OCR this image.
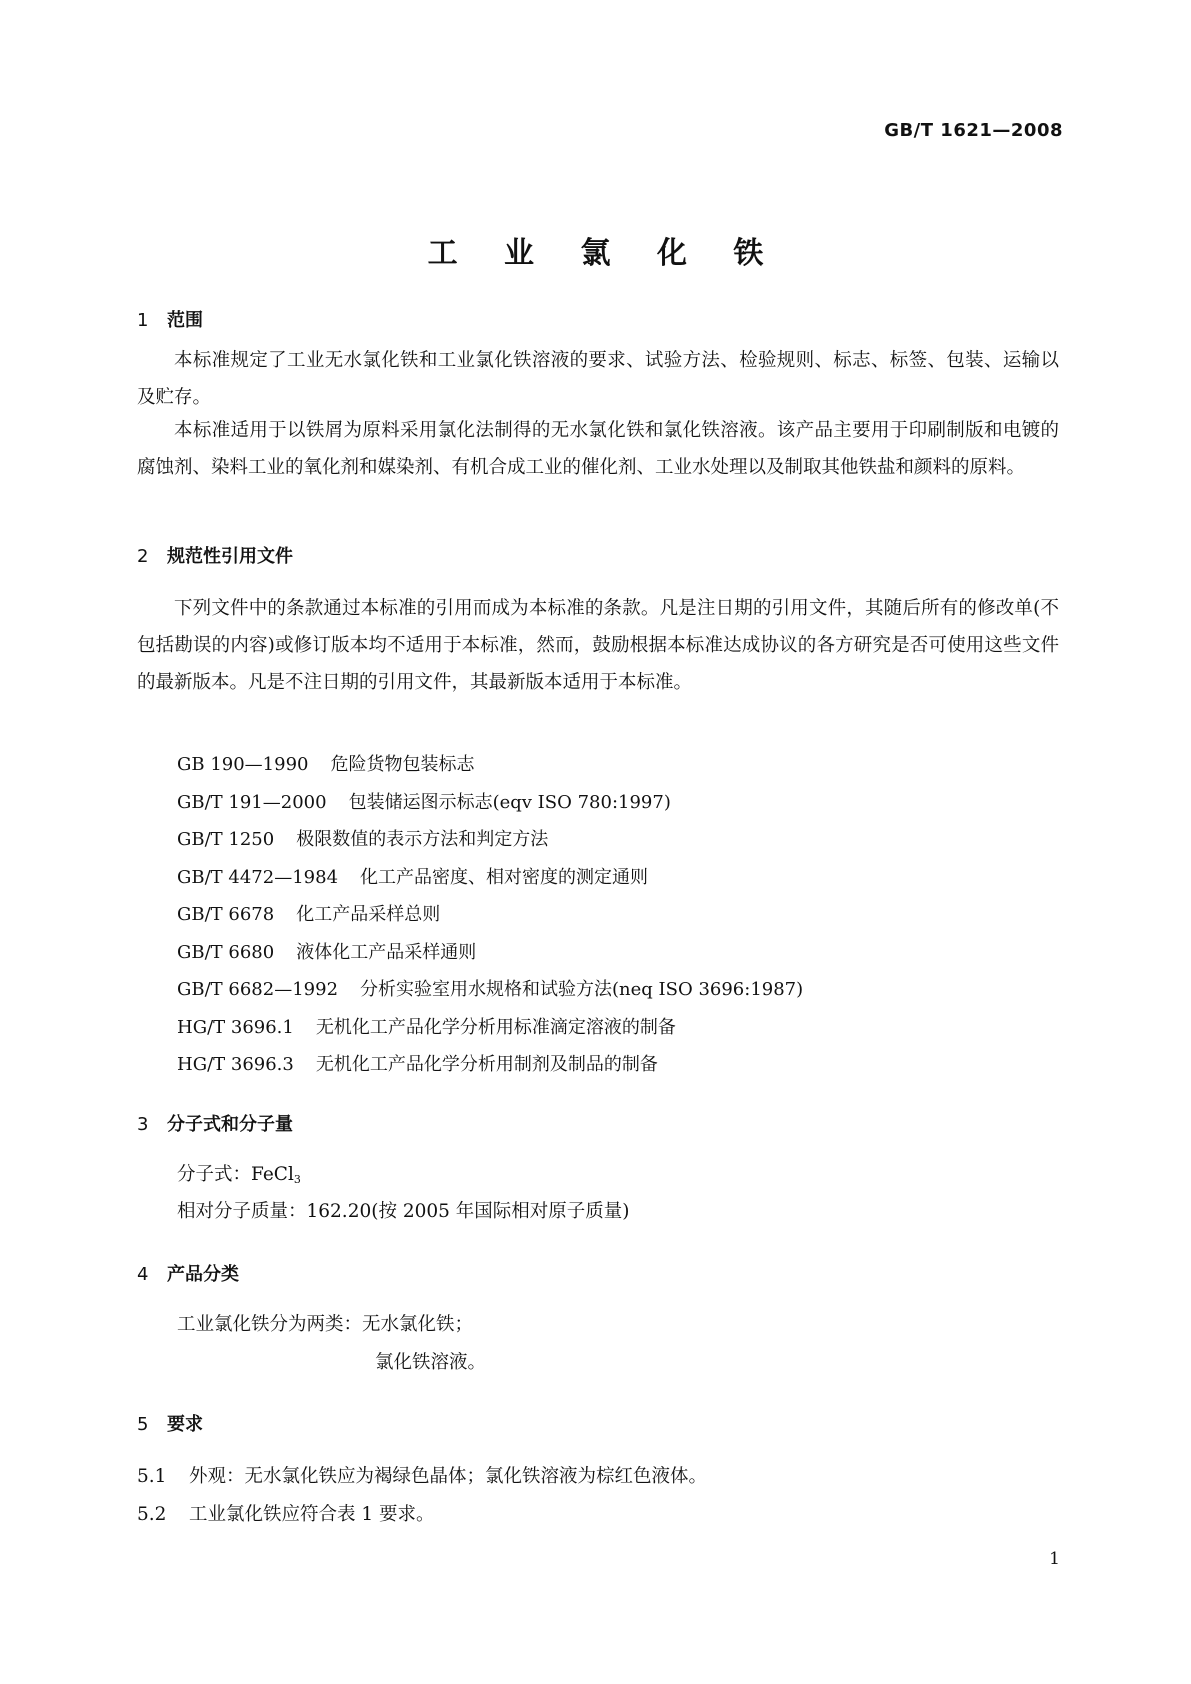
GB/T 1621—2008
工 业 氯 化 铁
1 范围
本标准规定了工业无水氯化铁和工业氯化铁溶液的要求、试验方法、检验规则、标志、标签、包装、运输以及贮存。
本标准适用于以铁屑为原料采用氯化法制得的无水氯化铁和氯化铁溶液。该产品主要用于印刷制版和电镀的腐蚀剂、染料工业的氧化剂和媒染剂、有机合成工业的催化剂、工业水处理以及制取其他铁盐和颜料的原料。
2 规范性引用文件
下列文件中的条款通过本标准的引用而成为本标准的条款。凡是注日期的引用文件，其随后所有的修改单(不包括勘误的内容)或修订版本均不适用于本标准，然而，鼓励根据本标准达成协议的各方研究是否可使用这些文件的最新版本。凡是不注日期的引用文件，其最新版本适用于本标准。
GB 190—1990 危险货物包装标志
GB/T 191—2000 包装储运图示标志(eqv ISO 780:1997)
GB/T 1250 极限数值的表示方法和判定方法
GB/T 4472—1984 化工产品密度、相对密度的测定通则
GB/T 6678 化工产品采样总则
GB/T 6680 液体化工产品采样通则
GB/T 6682—1992 分析实验室用水规格和试验方法(neq ISO 3696:1987)
HG/T 3696.1 无机化工产品化学分析用标准滴定溶液的制备
HG/T 3696.3 无机化工产品化学分析用制剂及制品的制备
3 分子式和分子量
分子式：FeCl$_3$
相对分子质量：162.20(按 2005 年国际相对原子质量)
4 产品分类
工业氯化铁分为两类：无水氯化铁；
氯化铁溶液。
5 要求
5.1 外观：无水氯化铁应为褐绿色晶体；氯化铁溶液为棕红色液体。
5.2 工业氯化铁应符合表 1 要求。
1
